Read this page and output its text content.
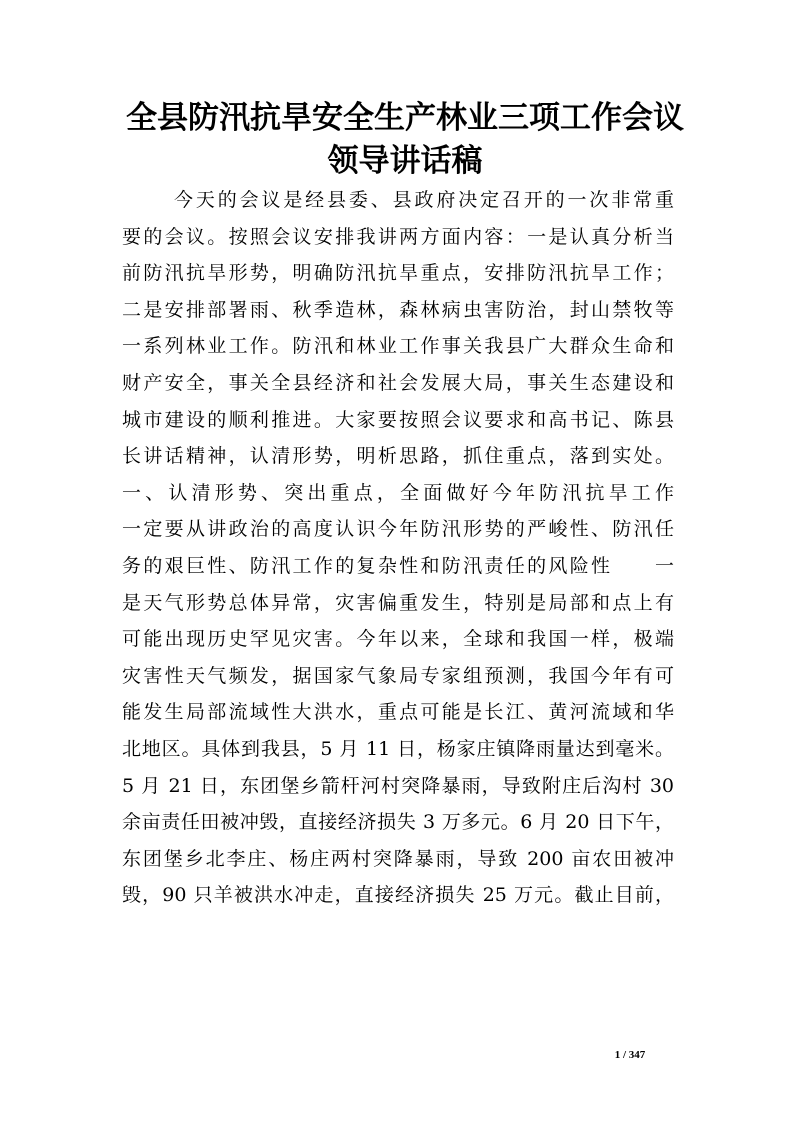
全县防汛抗旱安全生产林业三项工作会议
领导讲话稿
今天的会议是经县委、县政府决定召开的一次非常重
要的会议。按照会议安排我讲两方面内容：一是认真分析当
前防汛抗旱形势，明确防汛抗旱重点，安排防汛抗旱工作；
二是安排部署雨、秋季造林，森林病虫害防治，封山禁牧等
一系列林业工作。防汛和林业工作事关我县广大群众生命和
财产安全，事关全县经济和社会发展大局，事关生态建设和
城市建设的顺利推进。大家要按照会议要求和高书记、陈县
长讲话精神，认清形势，明析思路，抓住重点，落到实处。
一、认清形势、突出重点，全面做好今年防汛抗旱工作
一定要从讲政治的高度认识今年防汛形势的严峻性、防汛任
务的艰巨性、防汛工作的复杂性和防汛责任的风险性　　一
是天气形势总体异常，灾害偏重发生，特别是局部和点上有
可能出现历史罕见灾害。今年以来，全球和我国一样，极端
灾害性天气频发，据国家气象局专家组预测，我国今年有可
能发生局部流域性大洪水，重点可能是长江、黄河流域和华
北地区。具体到我县，5 月 11 日，杨家庄镇降雨量达到毫米。
5 月 21 日，东团堡乡箭杆河村突降暴雨，导致附庄后沟村 30
余亩责任田被冲毁，直接经济损失 3 万多元。6 月 20 日下午，
东团堡乡北李庄、杨庄两村突降暴雨，导致 200 亩农田被冲
毁，90 只羊被洪水冲走，直接经济损失 25 万元。截止目前，
1 / 347
